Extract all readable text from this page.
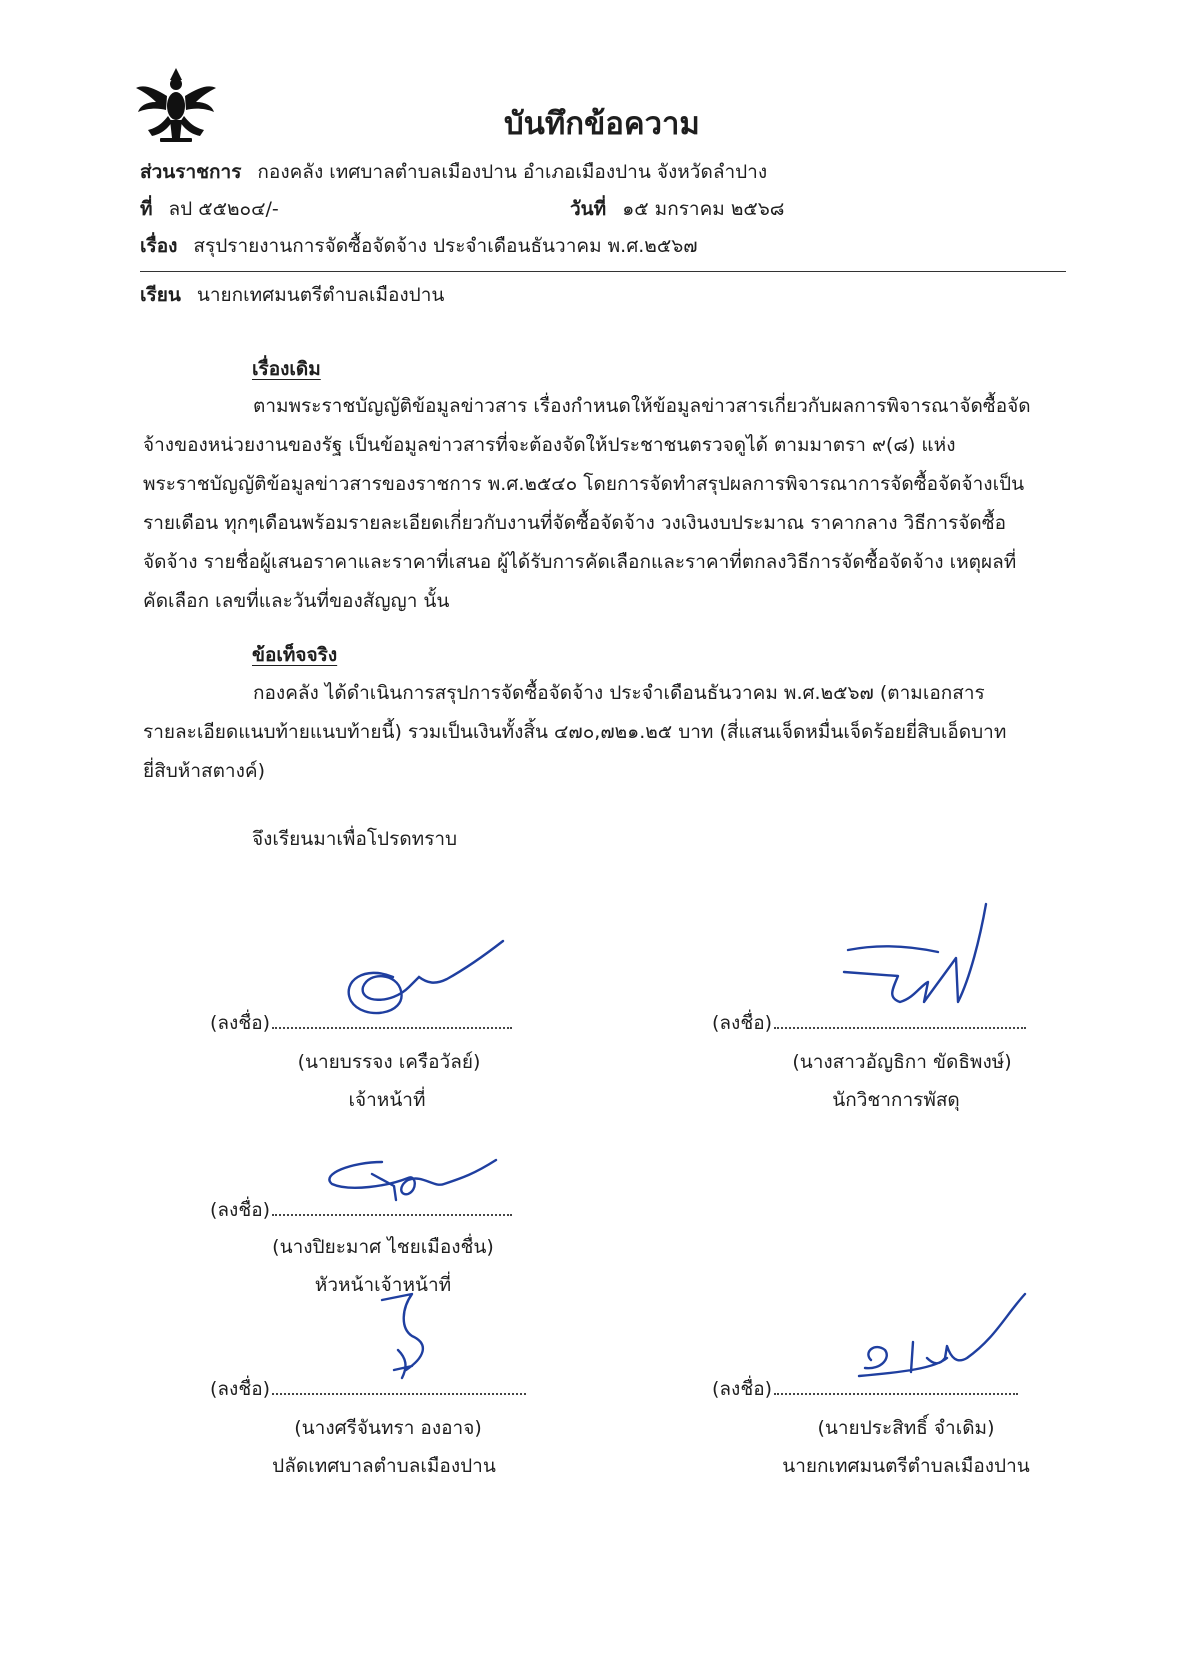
บันทึกข้อความ
ส่วนราชการ กองคลัง เทศบาลตำบลเมืองปาน อำเภอเมืองปาน จังหวัดลำปาง
ที่ ลป ๕๕๒๐๔/-	วันที่ ๑๕ มกราคม ๒๕๖๘
เรื่อง สรุปรายงานการจัดซื้อจัดจ้าง ประจำเดือนธันวาคม พ.ศ.๒๕๖๗
เรียน นายกเทศมนตรีตำบลเมืองปาน
เรื่องเดิม

ตามพระราชบัญญัติข้อมูลข่าวสาร เรื่องกำหนดให้ข้อมูลข่าวสารเกี่ยวกับผลการพิจารณาจัดซื้อจัด

จ้างของหน่วยงานของรัฐ เป็นข้อมูลข่าวสารที่จะต้องจัดให้ประชาชนตรวจดูได้ ตามมาตรา ๙(๘) แห่ง

พระราชบัญญัติข้อมูลข่าวสารของราชการ พ.ศ.๒๕๔๐ โดยการจัดทำสรุปผลการพิจารณาการจัดซื้อจัดจ้างเป็น

รายเดือน ทุกๆเดือนพร้อมรายละเอียดเกี่ยวกับงานที่จัดซื้อจัดจ้าง วงเงินงบประมาณ ราคากลาง วิธีการจัดซื้อ

จัดจ้าง รายชื่อผู้เสนอราคาและราคาที่เสนอ ผู้ได้รับการคัดเลือกและราคาที่ตกลงวิธีการจัดซื้อจัดจ้าง เหตุผลที่

คัดเลือก เลขที่และวันที่ของสัญญา นั้น

ข้อเท็จจริง

กองคลัง ได้ดำเนินการสรุปการจัดซื้อจัดจ้าง ประจำเดือนธันวาคม พ.ศ.๒๕๖๗ (ตามเอกสาร

รายละเอียดแนบท้ายแนบท้ายนี้) รวมเป็นเงินทั้งสิ้น ๔๗๐,๗๒๑.๒๕ บาท (สี่แสนเจ็ดหมื่นเจ็ดร้อยยี่สิบเอ็ดบาท

ยี่สิบห้าสตางค์)

จึงเรียนมาเพื่อโปรดทราบ
(ลงชื่อ)
(นายบรรจง เครือวัลย์)
เจ้าหน้าที่
(ลงชื่อ)
(นางสาวอัญธิกา ขัดธิพงษ์)
นักวิชาการพัสดุ
(ลงชื่อ)
(นางปิยะมาศ ไชยเมืองชื่น)
หัวหน้าเจ้าหน้าที่
(ลงชื่อ)
(นางศรีจันทรา องอาจ)
ปลัดเทศบาลตำบลเมืองปาน
(ลงชื่อ)
(นายประสิทธิ์ จำเดิม)
นายกเทศมนตรีตำบลเมืองปาน
